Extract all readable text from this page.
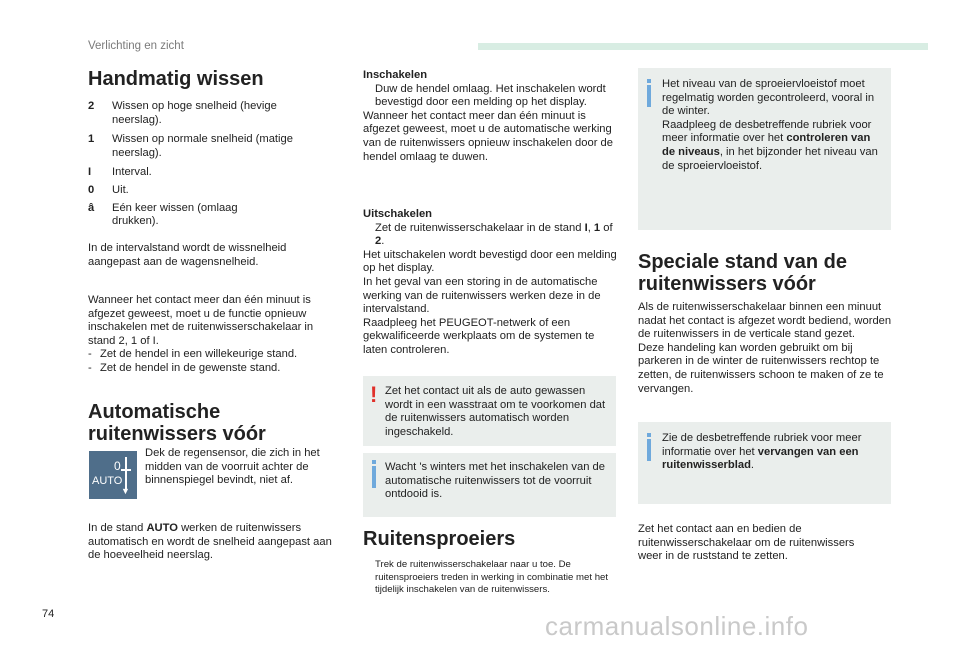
Verlichting en zicht
Handmatig wissen
2	Wissen op hoge snelheid (hevige neerslag).
1	Wissen op normale snelheid (matige neerslag).
I	Interval.
0	Uit.
â	Eén keer wissen (omlaag drukken).

In de intervalstand wordt de wissnelheid aangepast aan de wagensnelheid.

Wanneer het contact meer dan één minuut is afgezet geweest, moet u de functie opnieuw inschakelen met de ruitenwisserschakelaar in stand 2, 1 of I.

- Zet de hendel in een willekeurige stand.
- Zet de hendel in de gewenste stand.
Automatische ruitenwissers vóór
0
AUTO
▼

Dek de regensensor, die zich in het midden van de voorruit achter de binnenspiegel bevindt, niet af.

In de stand AUTO werken de ruitenwissers automatisch en wordt de snelheid aangepast aan de hoeveelheid neerslag.

Inschakelen
Duw de hendel omlaag. Het inschakelen wordt bevestigd door een melding op het display.

Wanneer het contact meer dan één minuut is afgezet geweest, moet u de automatische werking van de ruitenwissers opnieuw inschakelen door de hendel omlaag te duwen.

Uitschakelen
Zet de ruitenwisserschakelaar in de stand I, 1 of 2.

Het uitschakelen wordt bevestigd door een melding op het display.
In het geval van een storing in de automatische werking van de ruitenwissers werken deze in de intervalstand.
Raadpleeg het PEUGEOT-netwerk of een gekwalificeerde werkplaats om de systemen te laten controleren.

! Zet het contact uit als de auto gewassen wordt in een wasstraat om te voorkomen dat de ruitenwissers automatisch worden ingeschakeld.

Wacht 's winters met het inschakelen van de automatische ruitenwissers tot de voorruit ontdooid is.

Ruitensproeiers
Trek de ruitenwisserschakelaar naar u toe. De ruitensproeiers treden in werking in combinatie met het tijdelijk inschakelen van de ruitenwissers.

Het niveau van de sproeiervloeistof moet regelmatig worden gecontroleerd, vooral in de winter.
Raadpleeg de desbetreffende rubriek voor meer informatie over het controleren van de niveaus, in het bijzonder het niveau van de sproeiervloeistof.

Speciale stand van de ruitenwissers vóór

Als de ruitenwisserschakelaar binnen een minuut nadat het contact is afgezet wordt bediend, worden de ruitenwissers in de verticale stand gezet.
Deze handeling kan worden gebruikt om bij parkeren in de winter de ruitenwissers rechtop te zetten, de ruitenwissers schoon te maken of ze te vervangen.

Zie de desbetreffende rubriek voor meer informatie over het vervangen van een ruitenwisserblad.

Zet het contact aan en bedien de ruitenwisserschakelaar om de ruitenwissers weer in de ruststand te zetten.

74	carmanualsonline.info
